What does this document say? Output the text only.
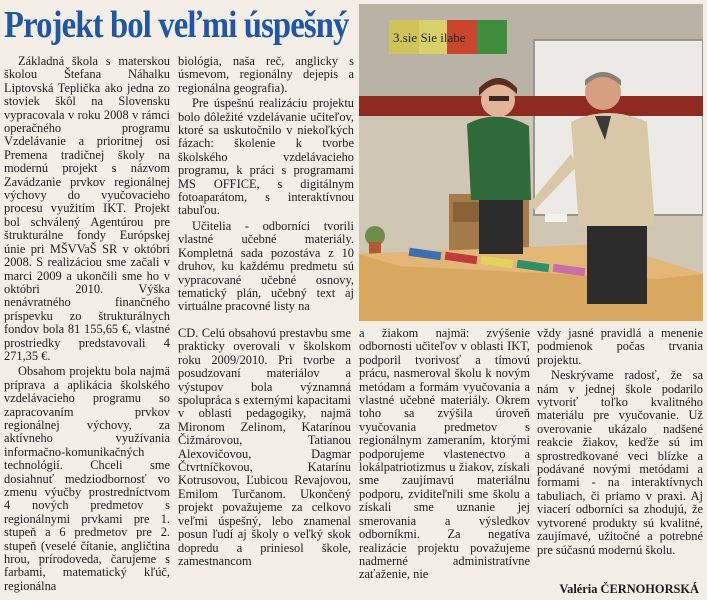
Projekt bol veľmi úspešný

Základná škola s materskou školou Štefana Náhalku Liptovská Teplička ako jedna zo stoviek škôl na Slovensku vypracovala v roku 2008 v rámci operačného programu Vzdelávanie a prioritnej osi Premena tradičnej školy na modernú projekt s názvom Zavádzanie prvkov regionálnej výchovy do vyučovacieho procesu využitím IKT. Projekt bol schválený Agentúrou pre štrukturálne fondy Európskej únie pri MŠVVaŠ SR v októbri 2008. S realizáciou sme začali v marci 2009 a ukončili sme ho v októbri 2010. Výška nenávratného finančného príspevku zo štrukturálnych fondov bola 81 155,65 €, vlastné prostriedky predstavovali 4 271,35 €.

Obsahom projektu bola najmä príprava a aplikácia školského vzdelávacieho programu so zapracovaním prvkov regionálnej výchovy, za aktívneho využívania informačno-komunikačných technológií. Chceli sme dosiahnuť medziodbornosť vo zmenu výučby prostredníctvom 4 nových predmetov s regionálnymi prvkami pre 1. stupeň a 6 predmetov pre 2. stupeň (veselé čítanie, angličtina hrou, prírodoveda, čarujeme s farbami, matematický kľúč, regionálna

biológia, naša reč, anglicky s úsmevom, regionálny dejepis a regionálna geografia).

Pre úspešnú realizáciu projektu bolo dôležité vzdelávanie učiteľov, ktoré sa uskutočnilo v niekoľkých fázach: školenie k tvorbe školského vzdelávacieho programu, k práci s programami MS OFFICE, s digitálnym fotoaparátom, s interaktívnou tabuľou.

Učitelia - odborníci tvorili vlastné učebné materiály. Kompletná sada pozostáva z 10 druhov, ku každému predmetu sú vypracované učebné osnovy, tematický plán, učebný text aj virtuálne pracovné listy na

CD. Celú obsahovú prestavbu sme prakticky overovali v školskom roku 2009/2010. Pri tvorbe a posudzovaní materiálov a výstupov bola významná spolupráca s externými kapacitami v oblasti pedagogiky, najmä Mironom Zelinom, Katarínou Čižmárovou, Tatianou Alexovičovou, Dagmar Čtvrtníčkovou, Katarínu Kotrusovou, Ľubicou Revajovou, Emilom Turčanom. Ukončený projekt považujeme za celkovo veľmi úspešný, lebo znamenal posun ľudí aj školy o veľký skok dopredu a priniesol škole, zamestnancom

a žiakom najmä: zvýšenie odbornosti učiteľov v oblasti IKT, podporil tvorivosť a tímovú prácu, nasmeroval školu k novým metódam a formám vyučovania a vlastné učebné materiály. Okrem toho sa zvýšila úroveň vyučovania predmetov s regionálnym zameraním, ktorými podporujeme vlastenectvo a lokálpatriotizmus u žiakov, získali sme zaujímavú materiálnu podporu, zviditeľnili sme školu a získali sme uznanie jej smerovania a výsledkov odborníkmi. Za negatíva realizácie projektu považujeme nadmerné administratívne zaťaženie, nie

vždy jasné pravidlá a menenie podmienok počas trvania projektu.

Neskrývame radosť, že sa nám v jednej škole podarilo vytvoriť toľko kvalitného materiálu pre vyučovanie. Už overovanie ukázalo nadšené reakcie žiakov, keďže sú im sprostredkované veci blízke a podávané novými metódami a formami - na interaktívnych tabuliach, či priamo v praxi. Aj viacerí odborníci sa zhodujú, že vytvorené produkty sú kvalitné, zaujímavé, užitočné a potrebné pre súčasnú modernú školu.

Valéria ČERNOHORSKÁ
3.sie Sie ilabe
